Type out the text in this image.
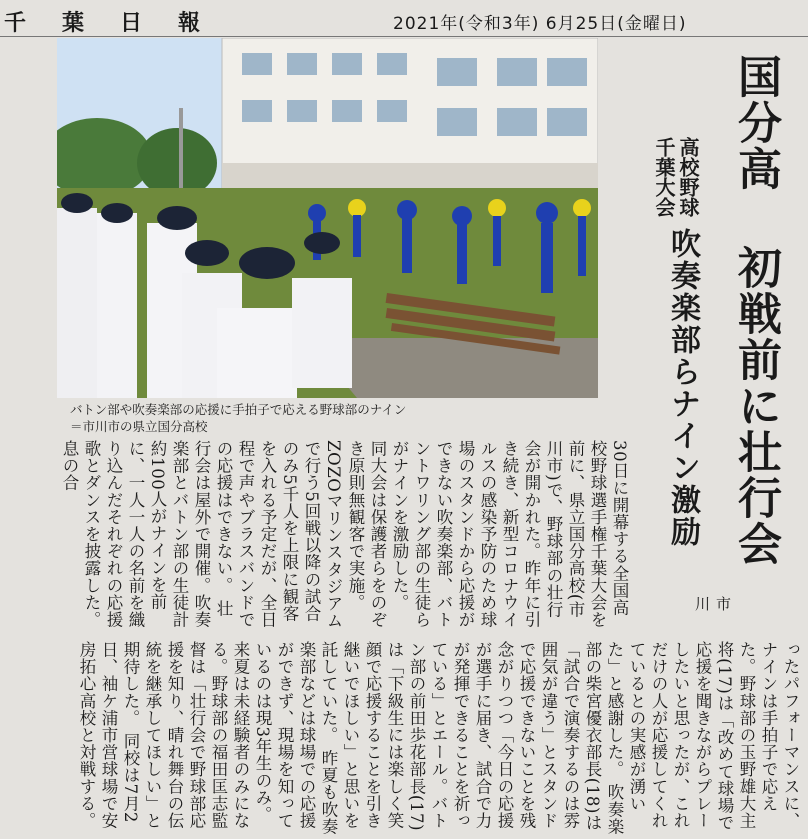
千葉日報	2021年(令和3年) 6月25日(金曜日)
バトン部や吹奏楽部の応援に手拍子で応える野球部のナイン
＝市川市の県立国分高校	国分高 初戦前に壮行会
高校野球
千葉大会
吹奏楽部らナイン激励
市 川
30日に開幕する全国高校野球選手権千葉大会を前に、県立国分高校(市川市)で、野球部の壮行会が開かれた。昨年に引き続き、新型コロナウイルスの感染予防のため球場のスタンドから応援ができない吹奏楽部、バトントワリング部の生徒らがナインを激励した。 同大会は保護者らをのぞき原則無観客で実施。ZOZOマリンスタジアムで行う5回戦以降の試合のみ5千人を上限に観客を入れる予定だが、全日程で声やブラスバンドでの応援はできない。 壮行会は屋外で開催。吹奏楽部とバトン部の生徒計約100人がナインを前に、一人一人の名前を織り込んだそれぞれの応援歌とダンスを披露した。息の合
ったパフォーマンスに、ナインは手拍子で応えた。野球部の玉野雄大主将(17)は「改めて球場で応援を聞きながらプレーしたいと思ったが、これだけの人が応援してくれているとの実感が湧いた」と感謝した。 吹奏楽部の柴宮優衣部長(18)は「試合で演奏するのは雰囲気が違う」とスタンドで応援できないことを残念がりつつ「今日の応援が選手に届き、試合で力が発揮できることを祈っている」とエール。バトン部の前田歩花部長(17)は「下級生には楽しく笑顔で応援することを引き継いでほしい」と思いを託していた。 昨夏も吹奏楽部などは球場での応援ができず、現場を知っているのは現3年生のみ。来夏は未経験者のみになる。野球部の福田匡志監督は「壮行会で野球部応援を知り、晴れ舞台の伝統を継承してほしい」と期待した。 同校は7月2日、袖ケ浦市営球場で安房拓心高校と対戦する。
